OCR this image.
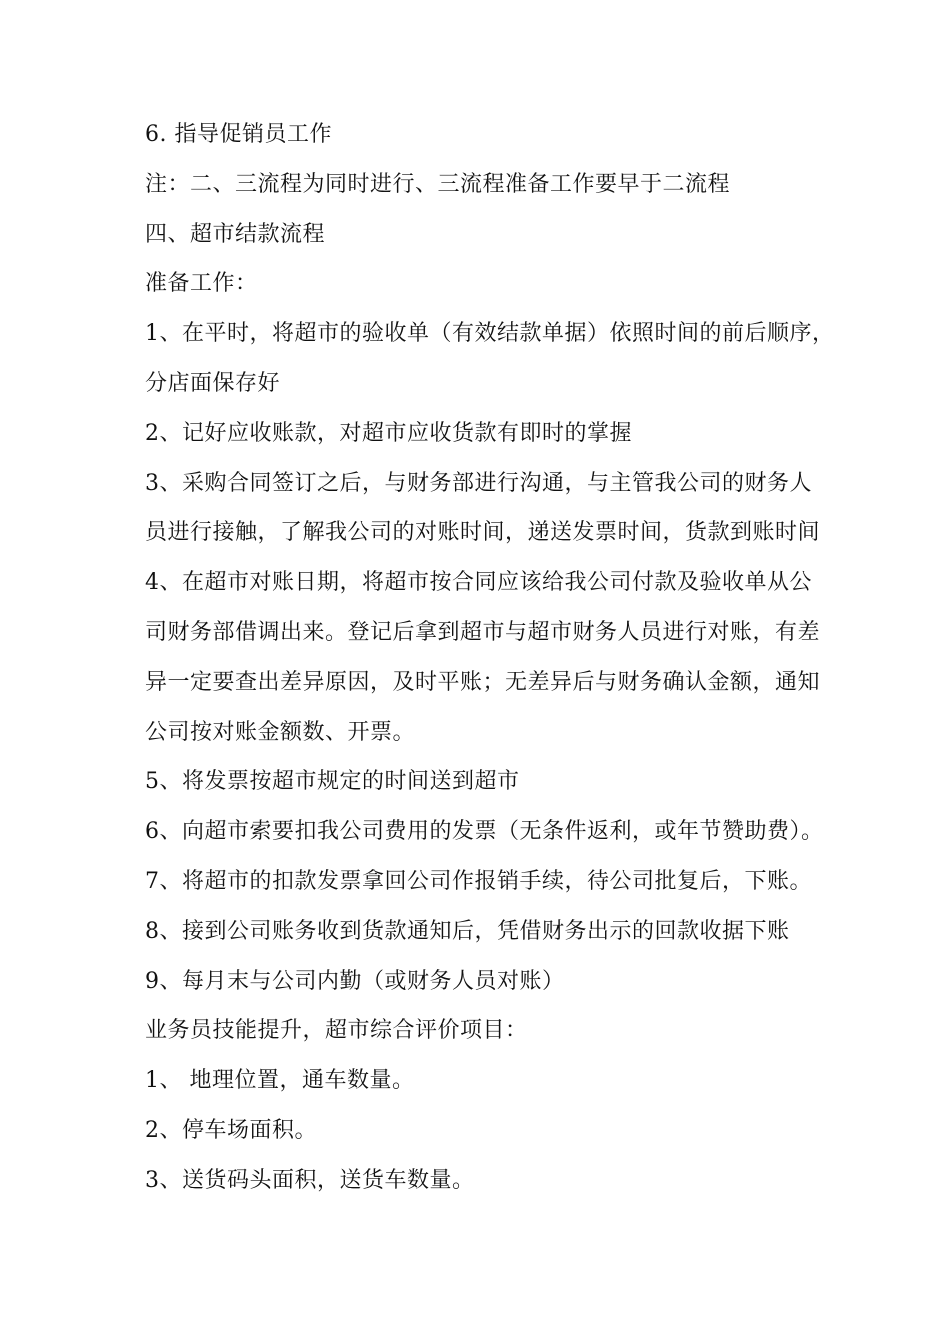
6. 指导促销员工作
注：二、三流程为同时进行、三流程准备工作要早于二流程
四、超市结款流程
准备工作：
1、在平时，将超市的验收单（有效结款单据）依照时间的前后顺序，
分店面保存好
2、记好应收账款，对超市应收货款有即时的掌握
3、采购合同签订之后，与财务部进行沟通，与主管我公司的财务人
员进行接触，了解我公司的对账时间，递送发票时间，货款到账时间
4、在超市对账日期，将超市按合同应该给我公司付款及验收单从公
司财务部借调出来。登记后拿到超市与超市财务人员进行对账，有差
异一定要查出差异原因，及时平账；无差异后与财务确认金额，通知
公司按对账金额数、开票。
5、将发票按超市规定的时间送到超市
6、向超市索要扣我公司费用的发票（无条件返利，或年节赞助费）。
7、将超市的扣款发票拿回公司作报销手续，待公司批复后，下账。
8、接到公司账务收到货款通知后，凭借财务出示的回款收据下账
9、每月末与公司内勤（或财务人员对账）
业务员技能提升，超市综合评价项目：
1、 地理位置，通车数量。
2、停车场面积。
3、送货码头面积，送货车数量。
